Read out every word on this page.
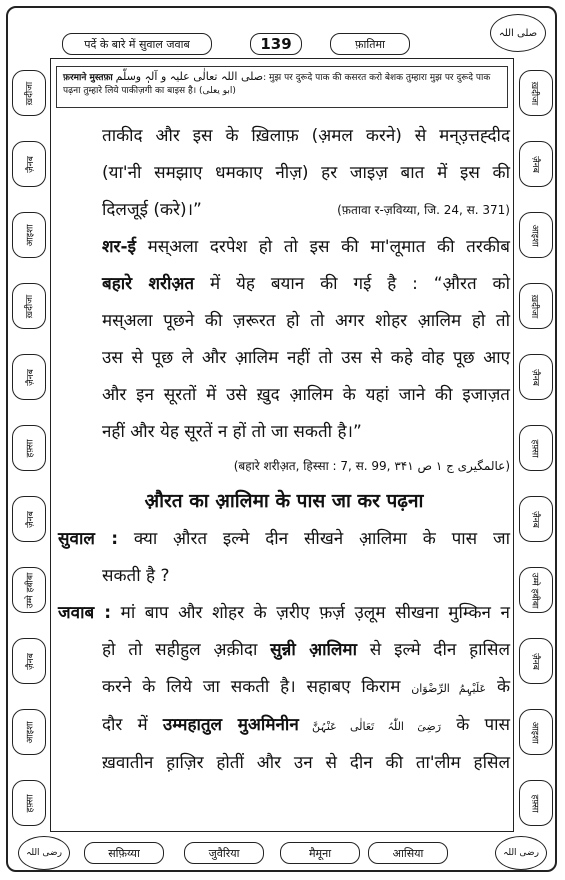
पर्दे के बारे में सुवाल जवाब	139	फ़ातिमा
صلی اللہ
फ़रमाने मुस्तफ़ा صلی اللہ تعالٰی علیہ و آلہٖ وسلّم: मुझ पर दुरूदे पाक की कसरत करो बेशक तुम्हारा मुझ पर दुरूदे पाक
पढ़ना तुम्हारे लिये पाकीज़गी का बाइस है। (ابو یعلی)
ख़दीजा
ज़ैनब
आइशा
ख़दीजा
ज़ैनब
हफ़्सा
ज़ैनब
उम्मे हबीबा
ज़ैनब
आइशा
हफ़्सा
ख़दीजा
ज़ैनब
आइशा
ख़दीजा
ज़ैनब
हफ़्सा
ज़ैनब
उम्मे हबीबा
ज़ैनब
आइशा
हफ़्सा
ताकीद और इस के ख़िलाफ़ (अ़मल करने) से मन्उ़त्तह्दीद
(या'नी समझाए धमकाए नीज़) हर जाइज़ बात में इस की
दिलजूई (करे)।”	(फ़तावा र-ज़विय्या, जि. 24, स. 371)
शर-ई मस्अला दरपेश हो तो इस की मा'लूमात की तरकीब
बहारे शरीअ़त में येह बयान की गई है : “औ़रत को
मस्अला पूछने की ज़रूरत हो तो अगर शोहर आ़लिम हो तो
उस से पूछ ले और आ़लिम नहीं तो उस से कहे वोह पूछ आए
और इन सूरतों में उसे ख़ुद आ़लिम के यहां जाने की इजाज़त
नहीं और येह सूरतें न हों तो जा सकती है।”
(बहारे शरीअ़त, हिस्सा : 7, स. 99, عالمگیری ج ۱ ص ۳۴۱)
औ़रत का आ़लिमा के पास जा कर पढ़ना
सुवाल : क्या औ़रत इल्मे दीन सीखने आ़लिमा के पास जा
सकती है ?
जवाब : मां बाप और शोहर के ज़रीए फ़र्ज़ उ़लूम सीखना मुम्किन न
हो तो सहीहुल अ़क़ीदा सुन्नी आ़लिमा से इल्मे दीन ह़ासिल
करने के लिये जा सकती है। सहाबए किराम عَلَیْہِمُ الرِّضْوَان के
दौर में उम्महातुल मुअमिनीन رَضِیَ اللّٰہُ تَعَالٰی عَنْہُنَّ के पास
ख़वातीन ह़ाज़िर होतीं और उन से दीन की ता'लीम हसिल
رضی اللہ	सफ़िय्या	जुवैरिया	मैमूना	आसिया	رضی اللہ
